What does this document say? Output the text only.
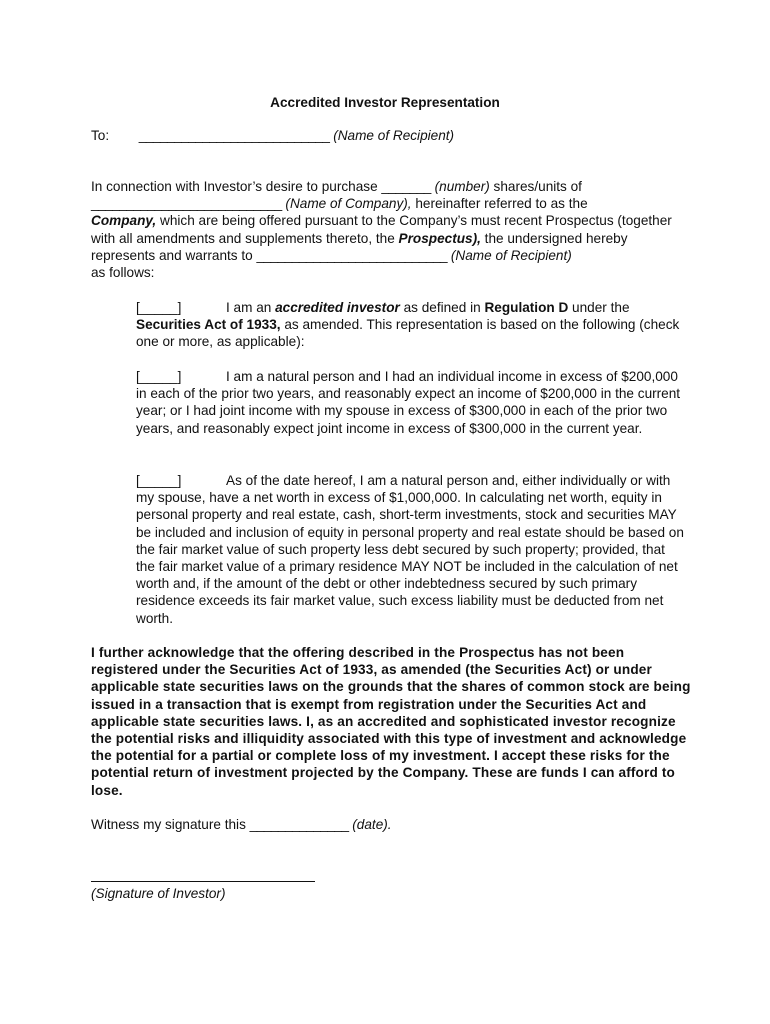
Accredited Investor Representation
To: ___________________________ (Name of Recipient)
In connection with Investor’s desire to purchase _______ (number) shares/units of
___________________________ (Name of Company), hereinafter referred to as the
Company, which are being offered pursuant to the Company’s must recent Prospectus (together with all amendments and supplements thereto, the Prospectus), the undersigned hereby represents and warrants to ___________________________ (Name of Recipient)
as follows:
[_____]	I am an accredited investor as defined in Regulation D under the Securities Act of 1933, as amended. This representation is based on the following (check one or more, as applicable):
[_____]	I am a natural person and I had an individual income in excess of $200,000 in each of the prior two years, and reasonably expect an income of $200,000 in the current year; or I had joint income with my spouse in excess of $300,000 in each of the prior two years, and reasonably expect joint income in excess of $300,000 in the current year.
[_____]	As of the date hereof, I am a natural person and, either individually or with my spouse, have a net worth in excess of $1,000,000. In calculating net worth, equity in personal property and real estate, cash, short-term investments, stock and securities MAY be included and inclusion of equity in personal property and real estate should be based on the fair market value of such property less debt secured by such property; provided, that the fair market value of a primary residence MAY NOT be included in the calculation of net worth and, if the amount of the debt or other indebtedness secured by such primary residence exceeds its fair market value, such excess liability must be deducted from net worth.
I further acknowledge that the offering described in the Prospectus has not been registered under the Securities Act of 1933, as amended (the Securities Act) or under applicable state securities laws on the grounds that the shares of common stock are being issued in a transaction that is exempt from registration under the Securities Act and applicable state securities laws. I, as an accredited and sophisticated investor recognize the potential risks and illiquidity associated with this type of investment and acknowledge the potential for a partial or complete loss of my investment. I accept these risks for the potential return of investment projected by the Company. These are funds I can afford to lose.
Witness my signature this ______________ (date).
(Signature of Investor)
